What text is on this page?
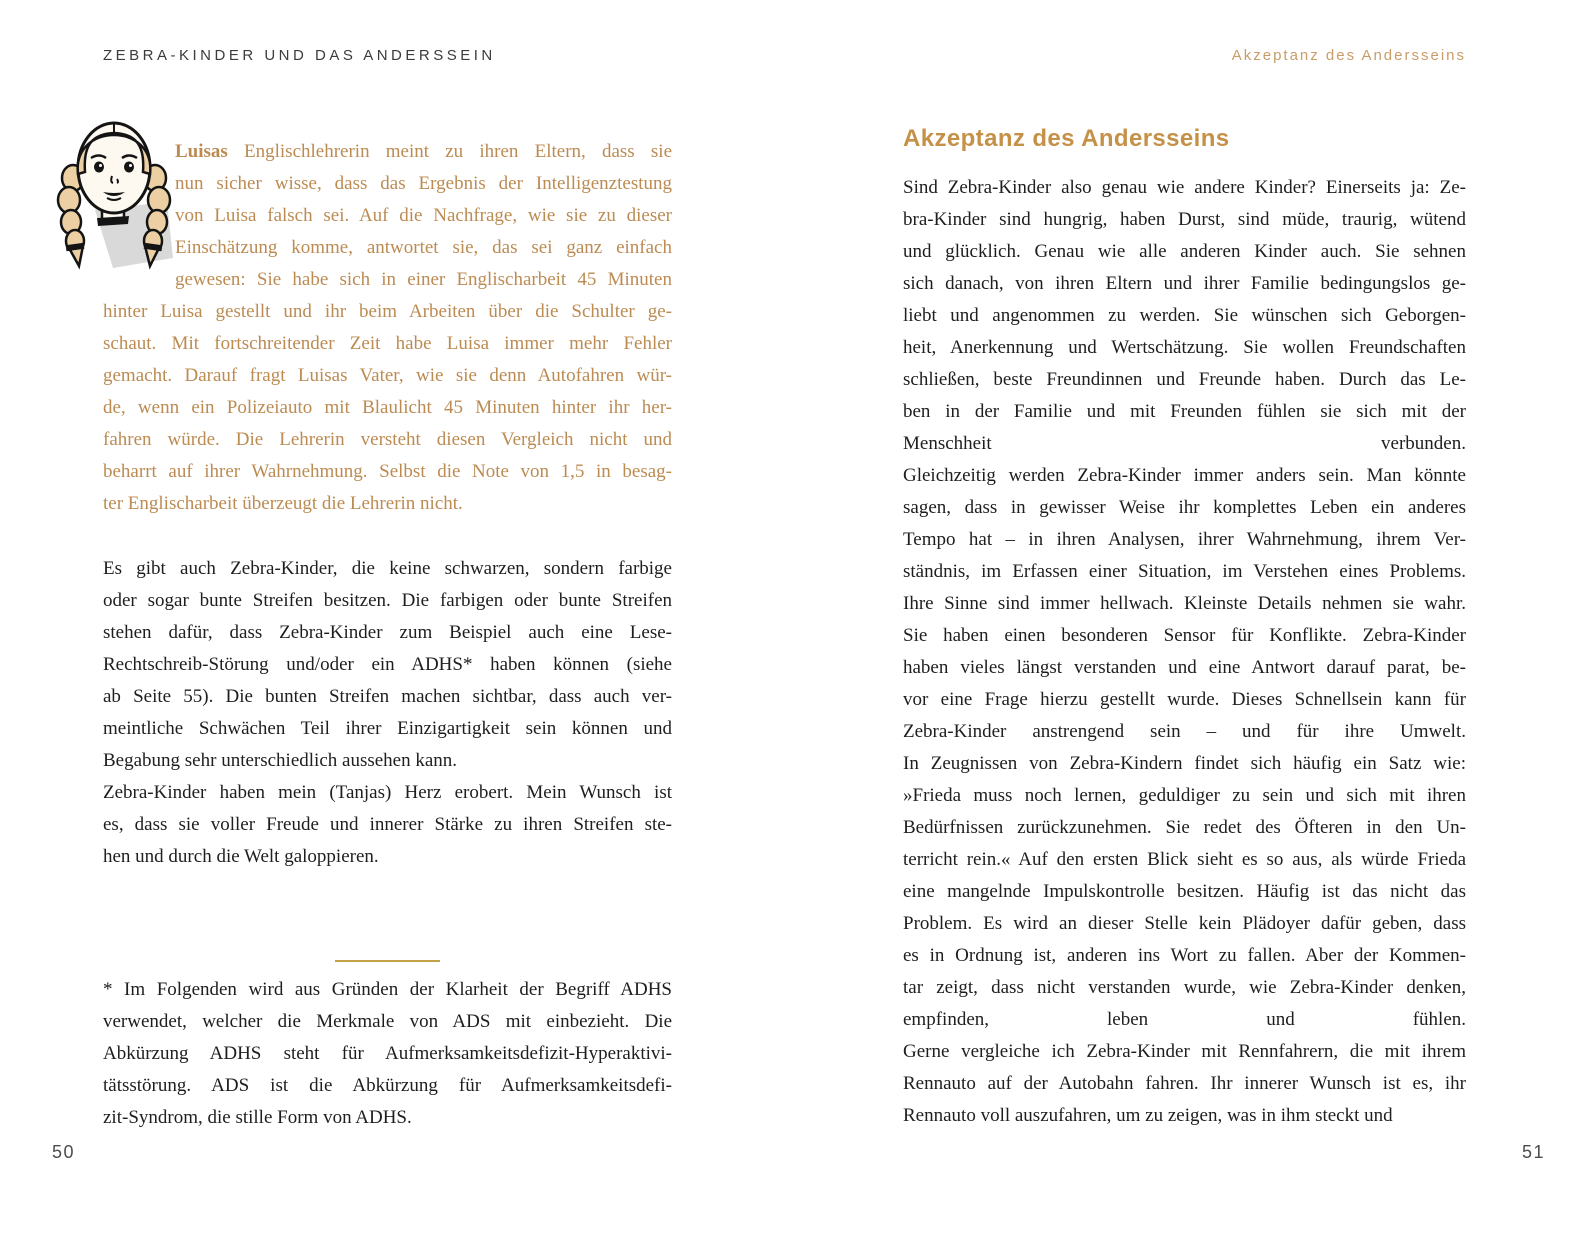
ZEBRA-KINDER UND DAS ANDERSSEIN	Akzeptanz des Andersseins
Luisas Englischlehrerin meint zu ihren Eltern, dass sie
nun sicher wisse, dass das Ergebnis der Intelligenztestung
von Luisa falsch sei. Auf die Nachfrage, wie sie zu dieser
Einschätzung komme, antwortet sie, das sei ganz einfach
gewesen: Sie habe sich in einer Englischarbeit 45 Minuten
hinter Luisa gestellt und ihr beim Arbeiten über die Schulter ge-
schaut. Mit fortschreitender Zeit habe Luisa immer mehr Fehler
gemacht. Darauf fragt Luisas Vater, wie sie denn Autofahren wür-
de, wenn ein Polizeiauto mit Blaulicht 45 Minuten hinter ihr her-
fahren würde. Die Lehrerin versteht diesen Vergleich nicht und
beharrt auf ihrer Wahrnehmung. Selbst die Note von 1,5 in besag-
ter Englischarbeit überzeugt die Lehrerin nicht.
Es gibt auch Zebra-Kinder, die keine schwarzen, sondern farbige
oder sogar bunte Streifen besitzen. Die farbigen oder bunte Streifen
stehen dafür, dass Zebra-Kinder zum Beispiel auch eine Lese-
Rechtschreib-Störung und/oder ein ADHS* haben können (siehe
ab Seite 55). Die bunten Streifen machen sichtbar, dass auch ver-
meintliche Schwächen Teil ihrer Einzigartigkeit sein können und
Begabung sehr unterschiedlich aussehen kann.
Zebra-Kinder haben mein (Tanjas) Herz erobert. Mein Wunsch ist
es, dass sie voller Freude und innerer Stärke zu ihren Streifen ste-
hen und durch die Welt galoppieren.
* Im Folgenden wird aus Gründen der Klarheit der Begriff ADHS
verwendet, welcher die Merkmale von ADS mit einbezieht. Die
Abkürzung ADHS steht für Aufmerksamkeitsdefizit-Hyperaktivi-
tätsstörung. ADS ist die Abkürzung für Aufmerksamkeitsdefi-
zit-Syndrom, die stille Form von ADHS.
Akzeptanz des Andersseins
Sind Zebra-Kinder also genau wie andere Kinder? Einerseits ja: Ze-
bra-Kinder sind hungrig, haben Durst, sind müde, traurig, wütend
und glücklich. Genau wie alle anderen Kinder auch. Sie sehnen
sich danach, von ihren Eltern und ihrer Familie bedingungslos ge-
liebt und angenommen zu werden. Sie wünschen sich Geborgen-
heit, Anerkennung und Wertschätzung. Sie wollen Freundschaften
schließen, beste Freundinnen und Freunde haben. Durch das Le-
ben in der Familie und mit Freunden fühlen sie sich mit der
Menschheit verbunden.
Gleichzeitig werden Zebra-Kinder immer anders sein. Man könnte
sagen, dass in gewisser Weise ihr komplettes Leben ein anderes
Tempo hat – in ihren Analysen, ihrer Wahrnehmung, ihrem Ver-
ständnis, im Erfassen einer Situation, im Verstehen eines Problems.
Ihre Sinne sind immer hellwach. Kleinste Details nehmen sie wahr.
Sie haben einen besonderen Sensor für Konflikte. Zebra-Kinder
haben vieles längst verstanden und eine Antwort darauf parat, be-
vor eine Frage hierzu gestellt wurde. Dieses Schnellsein kann für
Zebra-Kinder anstrengend sein – und für ihre Umwelt.
In Zeugnissen von Zebra-Kindern findet sich häufig ein Satz wie:
»Frieda muss noch lernen, geduldiger zu sein und sich mit ihren
Bedürfnissen zurückzunehmen. Sie redet des Öfteren in den Un-
terricht rein.« Auf den ersten Blick sieht es so aus, als würde Frieda
eine mangelnde Impulskontrolle besitzen. Häufig ist das nicht das
Problem. Es wird an dieser Stelle kein Plädoyer dafür geben, dass
es in Ordnung ist, anderen ins Wort zu fallen. Aber der Kommen-
tar zeigt, dass nicht verstanden wurde, wie Zebra-Kinder denken,
empfinden, leben und fühlen.
Gerne vergleiche ich Zebra-Kinder mit Rennfahrern, die mit ihrem
Rennauto auf der Autobahn fahren. Ihr innerer Wunsch ist es, ihr
Rennauto voll auszufahren, um zu zeigen, was in ihm steckt und
50	51
